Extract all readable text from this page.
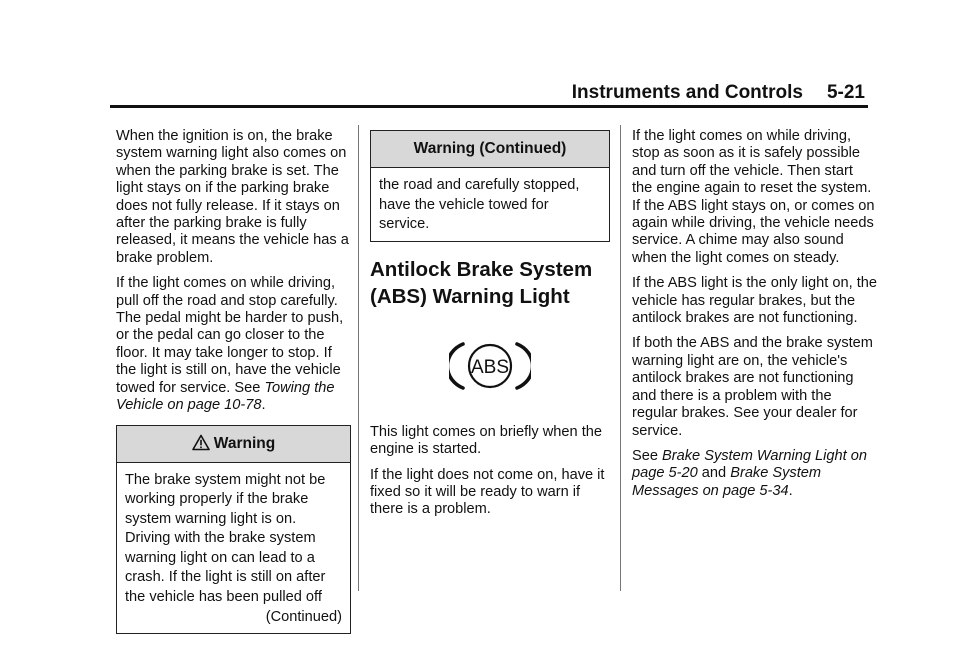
Instruments and Controls 5-21

When the ignition is on, the brake system warning light also comes on when the parking brake is set. The light stays on if the parking brake does not fully release. If it stays on after the parking brake is fully released, it means the vehicle has a brake problem.

If the light comes on while driving, pull off the road and stop carefully. The pedal might be harder to push, or the pedal can go closer to the floor. It may take longer to stop. If the light is still on, have the vehicle towed for service. See Towing the Vehicle on page 10-78.

Warning
The brake system might not be working properly if the brake system warning light is on. Driving with the brake system warning light on can lead to a crash. If the light is still on after the vehicle has been pulled off
(Continued)
Warning (Continued)
the road and carefully stopped, have the vehicle towed for service.
Antilock Brake System (ABS) Warning Light
ABS

This light comes on briefly when the engine is started.

If the light does not come on, have it fixed so it will be ready to warn if there is a problem.

If the light comes on while driving, stop as soon as it is safely possible and turn off the vehicle. Then start the engine again to reset the system. If the ABS light stays on, or comes on again while driving, the vehicle needs service. A chime may also sound when the light comes on steady.

If the ABS light is the only light on, the vehicle has regular brakes, but the antilock brakes are not functioning.

If both the ABS and the brake system warning light are on, the vehicle's antilock brakes are not functioning and there is a problem with the regular brakes. See your dealer for service.

See Brake System Warning Light on page 5-20 and Brake System Messages on page 5-34.
